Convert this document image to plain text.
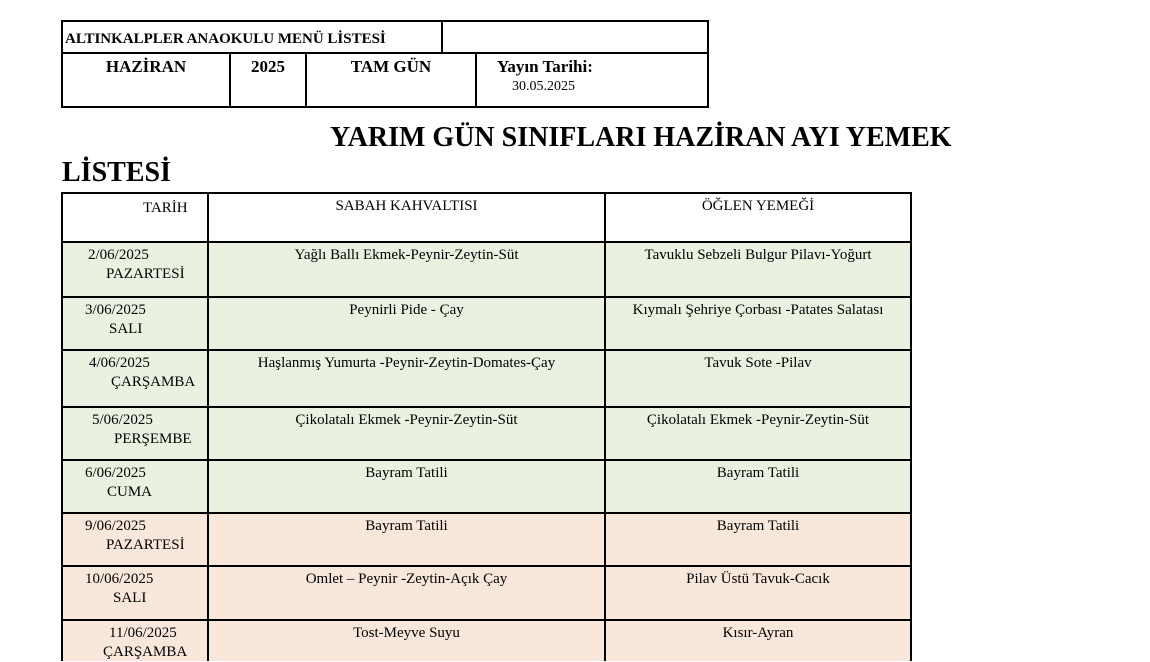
ALTINKALPLER ANAOKULU MENÜ LİSTESİ
HAZİRAN	2025	TAM GÜN	Yayın Tarihi:
30.05.2025
YARIM GÜN SINIFLARI HAZİRAN AYI YEMEK
LİSTESİ
TARİH	SABAH KAHVALTISI	ÖĞLEN YEMEĞİ
2/06/2025
PAZARTESİ
Yağlı Ballı Ekmek-Peynir-Zeytin-Süt	Tavuklu Sebzeli Bulgur Pilavı-Yoğurt
3/06/2025
SALI
Peynirli Pide - Çay	Kıymalı Şehriye Çorbası -Patates Salatası
4/06/2025
ÇARŞAMBA
Haşlanmış Yumurta -Peynir-Zeytin-Domates-Çay	Tavuk Sote -Pilav
5/06/2025
PERŞEMBE
Çikolatalı Ekmek -Peynir-Zeytin-Süt	Çikolatalı Ekmek -Peynir-Zeytin-Süt
6/06/2025
CUMA
Bayram Tatili	Bayram Tatili
9/06/2025
PAZARTESİ
Bayram Tatili	Bayram Tatili
10/06/2025
SALI
Omlet – Peynir -Zeytin-Açık Çay	Pilav Üstü Tavuk-Cacık
11/06/2025
ÇARŞAMBA
Tost-Meyve Suyu	Kısır-Ayran
